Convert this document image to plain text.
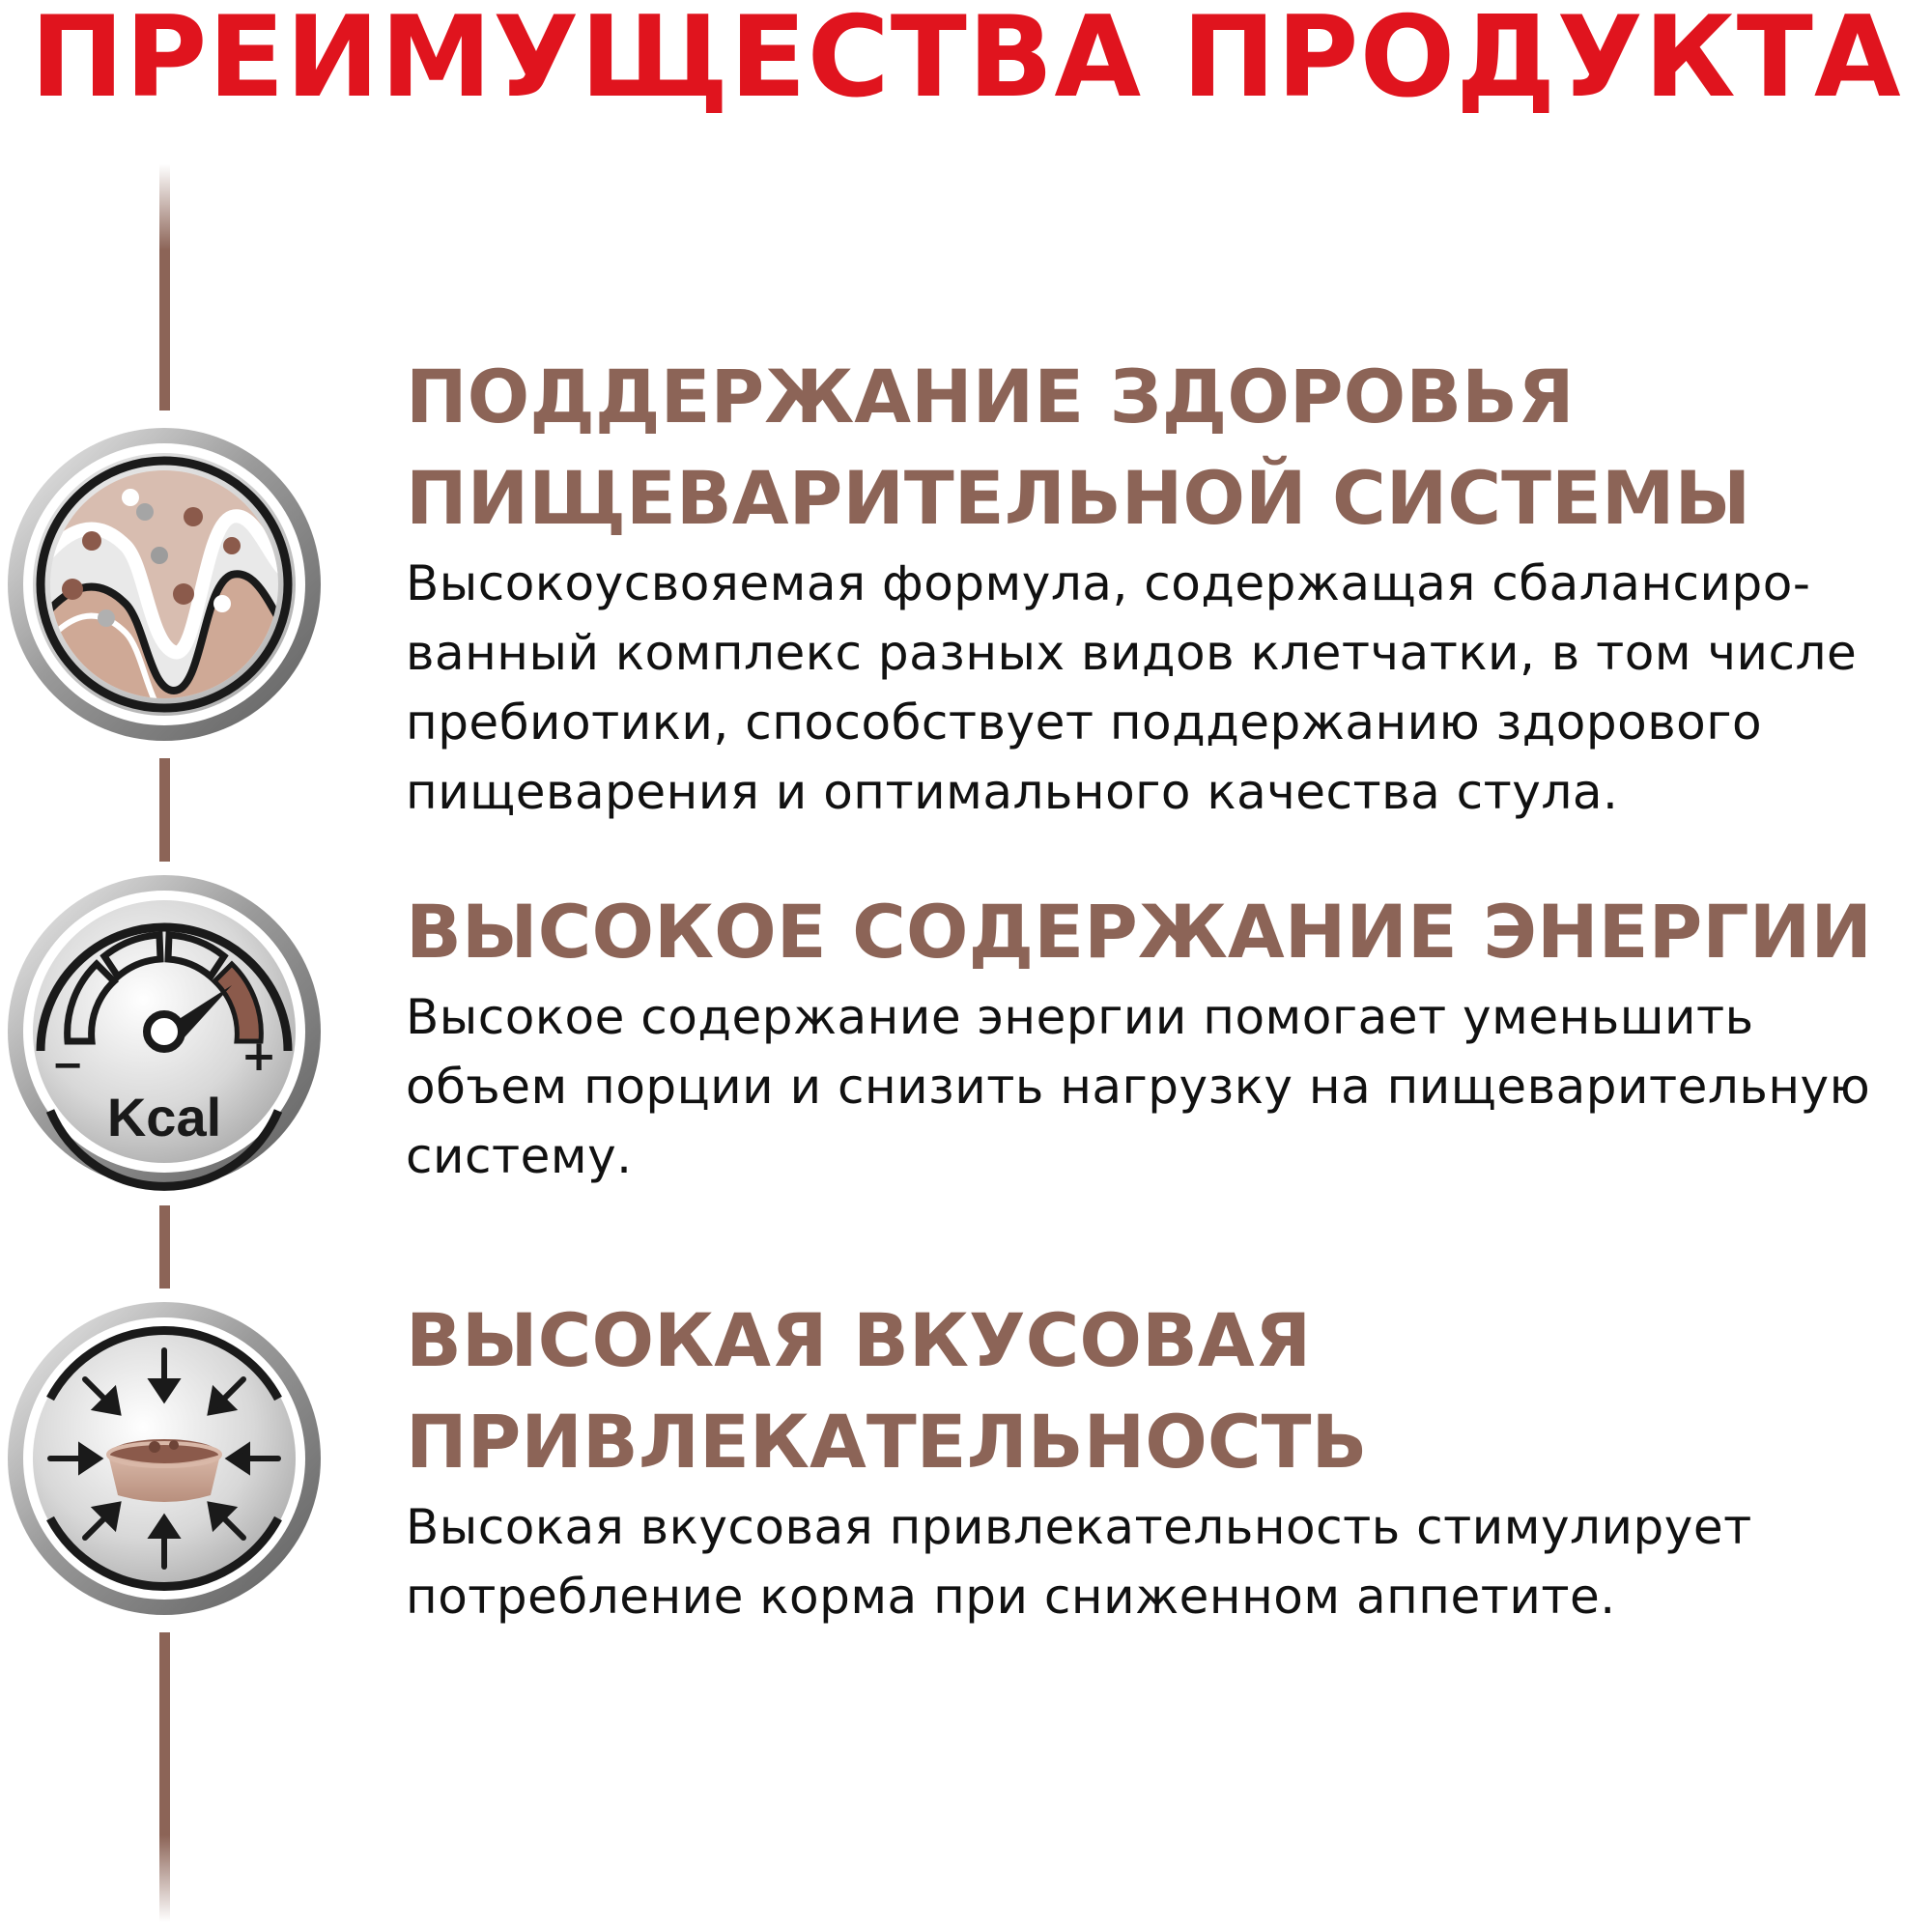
ПРЕИМУЩЕСТВА ПРОДУКТА
−	+
Kcal

ПОДДЕРЖАНИЕ ЗДОРОВЬЯ

ПИЩЕВАРИТЕЛЬНОЙ СИСТЕМЫ

Высокоусвояемая формула, содержащая сбалансиро-

ванный комплекс разных видов клетчатки, в том числе

пребиотики, способствует поддержанию здорового

пищеварения и оптимального качества стула.

ВЫСОКОЕ СОДЕРЖАНИЕ ЭНЕРГИИ

Высокое содержание энергии помогает уменьшить

объем порции и снизить нагрузку на пищеварительную

систему.

ВЫСОКАЯ ВКУСОВАЯ

ПРИВЛЕКАТЕЛЬНОСТЬ

Высокая вкусовая привлекательность стимулирует

потребление корма при сниженном аппетите.
